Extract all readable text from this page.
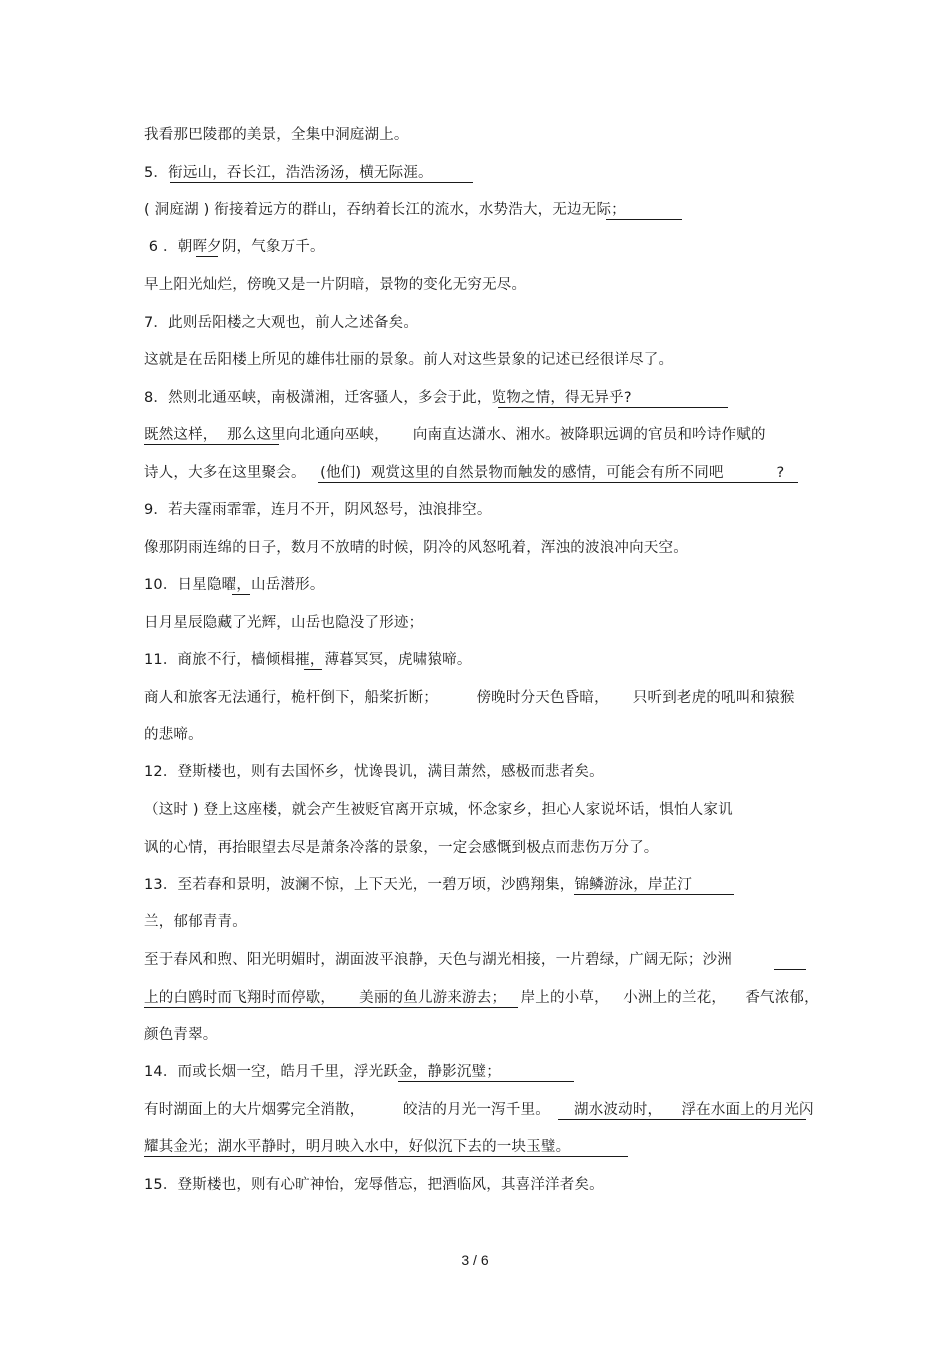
我看那巴陵郡的美景，全集中洞庭湖上。
5．衔远山，吞长江，浩浩汤汤，横无际涯。
( 洞庭湖 ) 衔接着远方的群山，吞纳着长江的流水，水势浩大，无边无际；
6 ．朝晖夕阴，气象万千。
早上阳光灿烂，傍晚又是一片阴暗，景物的变化无穷无尽。
7．此则岳阳楼之大观也，前人之述备矣。
这就是在岳阳楼上所见的雄伟壮丽的景象。前人对这些景象的记述已经很详尽了。
8．然则北通巫峡，南极潇湘，迁客骚人，多会于此，览物之情，得无异乎?
既然这样，  那么这里向北通向巫峡，     向南直达潇水、湘水。被降职远调的官员和吟诗作赋的
诗人，大多在这里聚会。   (他们)  观赏这里的自然景物而触发的感情，可能会有所不同吧           ?
9．若夫霪雨霏霏，连月不开，阴风怒号，浊浪排空。
像那阴雨连绵的日子，数月不放晴的时候，阴冷的风怒吼着，浑浊的波浪冲向天空。
10．日星隐曜，山岳潜形。
日月星辰隐藏了光辉，山岳也隐没了形迹；
11．商旅不行，樯倾楫摧，薄暮冥冥，虎啸猿啼。
商人和旅客无法通行，桅杆倒下，船桨折断；        傍晚时分天色昏暗，     只听到老虎的吼叫和猿猴
的悲啼。
12．登斯楼也，则有去国怀乡，忧谗畏讥，满目萧然，感极而悲者矣。
（这时 ) 登上这座楼，就会产生被贬官离开京城，怀念家乡，担心人家说坏话，惧怕人家讥
讽的心情，再抬眼望去尽是萧条冷落的景象，一定会感慨到极点而悲伤万分了。
13．至若春和景明，波澜不惊，上下天光，一碧万顷，沙鸥翔集，锦鳞游泳，岸芷汀
兰，郁郁青青。
至于春风和煦、阳光明媚时，湖面波平浪静，天色与湖光相接，一片碧绿，广阔无际；沙洲
上的白鸥时而飞翔时而停歇，     美丽的鱼儿游来游去；   岸上的小草，   小洲上的兰花，    香气浓郁，
颜色青翠。
14．而或长烟一空，皓月千里，浮光跃金，静影沉璧；
有时湖面上的大片烟雾完全消散，        皎洁的月光一泻千里。     湖水波动时，    浮在水面上的月光闪
耀其金光；湖水平静时，明月映入水中，好似沉下去的一块玉璧。
15．登斯楼也，则有心旷神怡，宠辱偕忘，把酒临风，其喜洋洋者矣。
3 / 6
